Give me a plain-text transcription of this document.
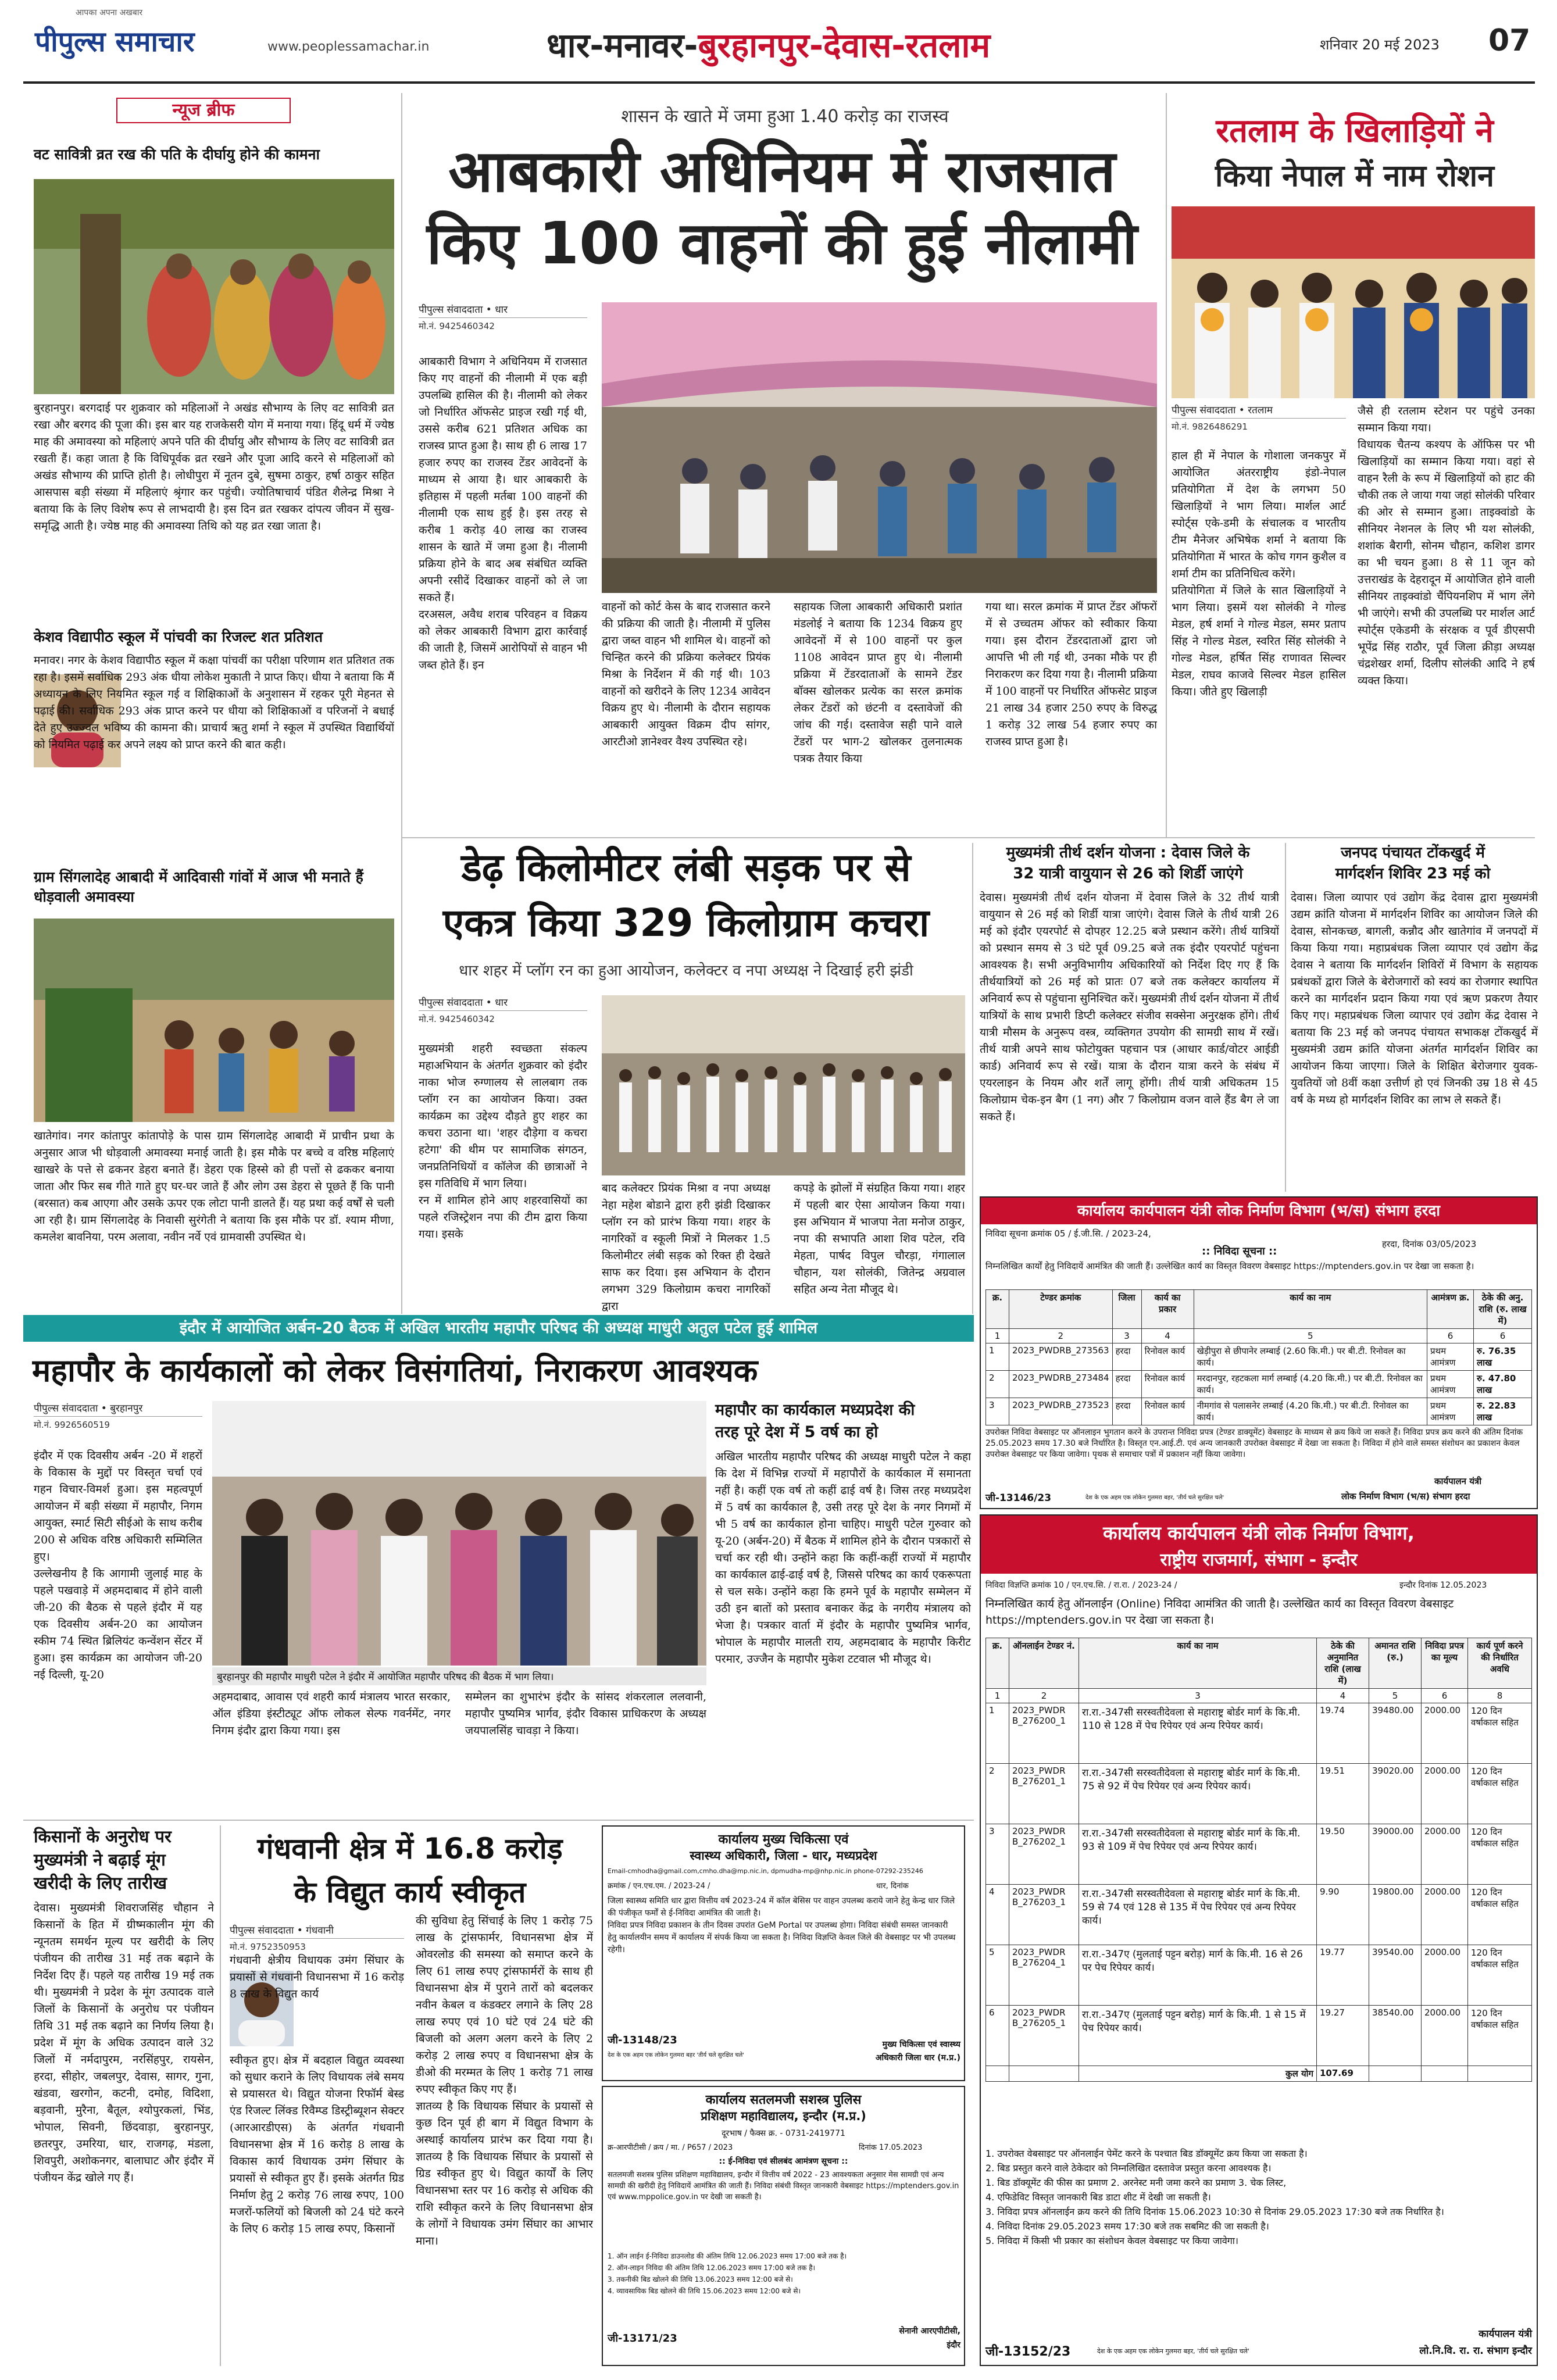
पीपुल्स समाचार
आपका अपना अखबार
www.peoplessamachar.in	धार-मनावर-बुरहानपुर-देवास-रतलाम	शनिवार 20 मई 2023 07
न्यूज ब्रीफ
वट सावित्री व्रत रख की पति के दीर्घायु होने की कामना
बुरहानपुर। बरगदाई पर शुक्रवार को महिलाओं ने अखंड सौभाग्य के लिए वट सावित्री व्रत रखा और बरगद की पूजा की। इस बार यह राजकेसरी योग में मनाया गया। हिंदू धर्म में ज्येष्ठ माह की अमावस्या को महिलाएं अपने पति की दीर्घायु और सौभाग्य के लिए वट सावित्री व्रत रखती हैं। कहा जाता है कि विधिपूर्वक व्रत रखने और पूजा आदि करने से महिलाओं को अखंड सौभाग्य की प्राप्ति होती है। लोधीपुरा में नूतन दुबे, सुषमा ठाकुर, हर्षा ठाकुर सहित आसपास बड़ी संख्या में महिलाएं श्रृंगार कर पहुंची। ज्योतिषाचार्य पंडित शैलेन्द्र मिश्रा ने बताया कि के लिए विशेष रूप से लाभदायी है। इस दिन व्रत रखकर दांपत्य जीवन में सुख-समृद्धि आती है। ज्येष्ठ माह की अमावस्या तिथि को यह व्रत रखा जाता है।
केशव विद्यापीठ स्कूल में पांचवी का रिजल्ट शत प्रतिशत
मनावर। नगर के केशव विद्यापीठ स्कूल में कक्षा पांचवीं का परीक्षा परिणाम शत प्रतिशत तक रहा है। इसमें सर्वाधिक 293 अंक धीया लोकेश मुकाती ने प्राप्त किए। धीया ने बताया कि मैं अध्यायन के लिए नियमित स्कूल गई व शिक्षिकाओं के अनुशासन में रहकर पूरी मेहनत से पढ़ाई की। सर्वाधिक 293 अंक प्राप्त करने पर धीया को शिक्षिकाओं व परिजनों ने बधाई देते हुए उज्ज्वल भविष्य की कामना की। प्राचार्य ऋतु शर्मा ने स्कूल में उपस्थित विद्यार्थियों को नियमित पढ़ाई कर अपने लक्ष्य को प्राप्त करने की बात कही।
ग्राम सिंगलादेह आबादी में आदिवासी गांवों में आज भी मनाते हैं धोड़वाली अमावस्या
खातेगांव। नगर कांतापुर कांतापोड़े के पास ग्राम सिंगलादेह आबादी में प्राचीन प्रथा के अनुसार आज भी धोड़वाली अमावस्या मनाई जाती है। इस मौके पर बच्चे व वरिष्ठ महिलाएं खाखरे के पत्ते से ढकनर डेहरा बनाते हैं। डेहरा एक हिस्से को ही पत्तों से ढककर बनाया जाता और फिर सब गीते गाते हुए घर-घर जाते हैं और लोग उस डेहरा से पूछते हैं कि पानी (बरसात) कब आएगा और उसके ऊपर एक लोटा पानी डालते हैं। यह प्रथा कई वर्षों से चली आ रही है। ग्राम सिंगलादेह के निवासी सुरंगेती ने बताया कि इस मौके पर डॉ. श्याम मीणा, कमलेश बावनिया, परम अलावा, नवीन नर्वे एवं ग्रामवासी उपस्थित थे।
शासन के खाते में जमा हुआ 1.40 करोड़ का राजस्व
आबकारी अधिनियम में राजसात
किए 100 वाहनों की हुई नीलामी
पीपुल्स संवाददाता • धार
मो.नं. 9425460342
आबकारी विभाग ने अधिनियम में राजसात किए गए वाहनों की नीलामी में एक बड़ी उपलब्धि हासिल की है। नीलामी को लेकर जो निर्धारित ऑफसेट प्राइज रखी गई थी, उससे करीब 621 प्रतिशत अधिक का राजस्व प्राप्त हुआ है। साथ ही 6 लाख 17 हजार रुपए का राजस्व टेंडर आवेदनों के माध्यम से आया है। धार आबकारी के इतिहास में पहली मर्तबा 100 वाहनों की नीलामी एक साथ हुई है। इस तरह से करीब 1 करोड़ 40 लाख का राजस्व शासन के खाते में जमा हुआ है। नीलामी प्रक्रिया होने के बाद अब संबंधित व्यक्ति अपनी रसीदें दिखाकर वाहनों को ले जा सकते हैं।
दरअसल, अवैध शराब परिवहन व विक्रय को लेकर आबकारी विभाग द्वारा कार्रवाई की जाती है, जिसमें आरोपियों से वाहन भी जब्त होते हैं। इन
वाहनों को कोर्ट केस के बाद राजसात करने की प्रक्रिया की जाती है। नीलामी में पुलिस द्वारा जब्त वाहन भी शामिल थे। वाहनों को चिन्हित करने की प्रक्रिया कलेक्टर प्रियंक मिश्रा के निर्देशन में की गई थी। 103 वाहनों को खरीदने के लिए 1234 आवेदन विक्रय हुए थे। नीलामी के दौरान सहायक आबकारी आयुक्त विक्रम दीप सांगर, आरटीओ ज्ञानेश्वर वैश्य उपस्थित रहे।
सहायक जिला आबकारी अधिकारी प्रशांत मंडलोई ने बताया कि 1234 विक्रय हुए आवेदनों में से 100 वाहनों पर कुल 1108 आवेदन प्राप्त हुए थे। नीलामी प्रक्रिया में टेंडरदाताओं के सामने टेंडर बॉक्स खोलकर प्रत्येक का सरल क्रमांक लेकर टेंडरों को छंटनी व दस्तावेजों की जांच की गई। दस्तावेज सही पाने वाले टेंडरों पर भाग-2 खोलकर तुलनात्मक पत्रक तैयार किया
गया था। सरल क्रमांक में प्राप्त टेंडर ऑफरों में से उच्चतम ऑफर को स्वीकार किया गया। इस दौरान टेंडरदाताओं द्वारा जो आपत्ति भी ली गई थी, उनका मौके पर ही निराकरण कर दिया गया है। नीलामी प्रक्रिया में 100 वाहनों पर निर्धारित ऑफसेट प्राइज 21 लाख 34 हजार 250 रुपए के विरुद्ध 1 करोड़ 32 लाख 54 हजार रुपए का राजस्व प्राप्त हुआ है।
रतलाम के खिलाड़ियों ने
किया नेपाल में नाम रोशन
पीपुल्स संवाददाता • रतलाम
मो.नं. 9826486291
हाल ही में नेपाल के गोशाला जनकपुर में आयोजित अंतरराष्ट्रीय इंडो-नेपाल प्रतियोगिता में देश के लगभग 50 खिलाड़ियों ने भाग लिया। मार्शल आर्ट स्पोर्ट्स एके-डमी के संचालक व भारतीय टीम मैनेजर अभिषेक शर्मा ने बताया कि प्रतियोगिता में भारत के कोच गगन कुशैल व शर्मा टीम का प्रतिनिधित्व करेंगे।
प्रतियोगिता में जिले के सात खिलाड़ियों ने भाग लिया। इसमें यश सोलंकी ने गोल्ड मेडल, हर्ष शर्मा ने गोल्ड मेडल, समर प्रताप सिंह ने गोल्ड मेडल, स्वरित सिंह सोलंकी ने गोल्ड मेडल, हर्षित सिंह राणावत सिल्वर मेडल, राघव काजवे सिल्वर मेडल हासिल किया। जीते हुए खिलाड़ी
जैसे ही रतलाम स्टेशन पर पहुंचे उनका सम्मान किया गया।
विधायक चैतन्य कश्यप के ऑफिस पर भी खिलाड़ियों का सम्मान किया गया। वहां से वाहन रैली के रूप में खिलाड़ियों को हाट की चौकी तक ले जाया गया जहां सोलंकी परिवार की ओर से सम्मान हुआ। ताइक्वांडो के सीनियर नेशनल के लिए भी यश सोलंकी, शशांक बैरागी, सोनम चौहान, कशिश डागर का भी चयन हुआ। 8 से 11 जून को उत्तराखंड के देहरादून में आयोजित होने वाली सीनियर ताइक्वांडो चैंपियनशिप में भाग लेंगे भी जाएंगे। सभी की उपलब्धि पर मार्शल आर्ट स्पोर्ट्स एकेडमी के संरक्षक व पूर्व डीएसपी भूपेंद्र सिंह राठौर, पूर्व जिला क्रीड़ा अध्यक्ष चंद्रशेखर शर्मा, दिलीप सोलंकी आदि ने हर्ष व्यक्त किया।
डेढ़ किलोमीटर लंबी सड़क पर से
एकत्र किया 329 किलोग्राम कचरा
धार शहर में प्लॉग रन का हुआ आयोजन, कलेक्टर व नपा अध्यक्ष ने दिखाई हरी झंडी
पीपुल्स संवाददाता • धार
मो.नं. 9425460342
मुख्यमंत्री शहरी स्वच्छता संकल्प महाअभियान के अंतर्गत शुक्रवार को इंदौर नाका भोज रुग्णालय से लालबाग तक प्लॉग रन का आयोजन किया। उक्त कार्यक्रम का उद्देश्य दौड़ते हुए शहर का कचरा उठाना था। 'शहर दौड़ेगा व कचरा हटेगा' की थीम पर सामाजिक संगठन, जनप्रतिनिधियों व कॉलेज की छात्राओं ने इस गतिविधि में भाग लिया।
रन में शामिल होने आए शहरवासियों का पहले रजिस्ट्रेशन नपा की टीम द्वारा किया गया। इसके
बाद कलेक्टर प्रियंक मिश्रा व नपा अध्यक्ष नेहा महेश बोडाने द्वारा हरी झंडी दिखाकर प्लॉग रन को प्रारंभ किया गया। शहर के नागरिकों व स्कूली मित्रों ने मिलकर 1.5 किलोमीटर लंबी सड़क को रिक्त ही देखते साफ कर दिया। इस अभियान के दौरान लगभग 329 किलोग्राम कचरा नागरिकों द्वारा
कपड़े के झोलों में संग्रहित किया गया। शहर में पहली बार ऐसा आयोजन किया गया। इस अभियान में भाजपा नेता मनोज ठाकुर, नपा की सभापति आशा शिव पटेल, रवि मेहता, पार्षद विपुल चौरड़ा, गंगालाल चौहान, यश सोलंकी, जितेन्द्र अग्रवाल सहित अन्य नेता मौजूद थे।
मुख्यमंत्री तीर्थ दर्शन योजना : देवास जिले के
32 यात्री वायुयान से 26 को शिर्डी जाएंगे
देवास। मुख्यमंत्री तीर्थ दर्शन योजना में देवास जिले के 32 तीर्थ यात्री वायुयान से 26 मई को शिर्डी यात्रा जाएंगे। देवास जिले के तीर्थ यात्री 26 मई को इंदौर एयरपोर्ट से दोपहर 12.25 बजे प्रस्थान करेंगे। तीर्थ यात्रियों को प्रस्थान समय से 3 घंटे पूर्व 09.25 बजे तक इंदौर एयरपोर्ट पहुंचना आवश्यक है। सभी अनुविभागीय अधिकारियों को निर्देश दिए गए हैं कि तीर्थयात्रियों को 26 मई को प्रातः 07 बजे तक कलेक्टर कार्यालय में अनिवार्य रूप से पहुंचाना सुनिश्चित करें। मुख्यमंत्री तीर्थ दर्शन योजना में तीर्थ यात्रियों के साथ प्रभारी डिप्टी कलेक्टर संजीव सक्सेना अनुरक्षक होंगे। तीर्थ यात्री मौसम के अनुरूप वस्त्र, व्यक्तिगत उपयोग की सामग्री साथ में रखें। तीर्थ यात्री अपने साथ फोटोयुक्त पहचान पत्र (आधार कार्ड/वोटर आईडी कार्ड) अनिवार्य रूप से रखें। यात्रा के दौरान यात्रा करने के संबंध में एयरलाइन के नियम और शर्तें लागू होंगी। तीर्थ यात्री अधिकतम 15 किलोग्राम चेक-इन बैग (1 नग) और 7 किलोग्राम वजन वाले हैंड बैग ले जा सकते हैं।
जनपद पंचायत टोंकखुर्द में
मार्गदर्शन शिविर 23 मई को
देवास। जिला व्यापार एवं उद्योग केंद्र देवास द्वारा मुख्यमंत्री उद्यम क्रांति योजना में मार्गदर्शन शिविर का आयोजन जिले की देवास, सोनकच्छ, बागली, कन्नौद और खातेगांव में जनपदों में किया किया गया। महाप्रबंधक जिला व्यापार एवं उद्योग केंद्र देवास ने बताया कि मार्गदर्शन शिविरों में विभाग के सहायक प्रबंधकों द्वारा जिले के बेरोजगारों को स्वयं का रोजगार स्थापित करने का मार्गदर्शन प्रदान किया गया एवं ऋण प्रकरण तैयार किए गए। महाप्रबंधक जिला व्यापार एवं उद्योग केंद्र देवास ने बताया कि 23 मई को जनपद पंचायत सभाकक्ष टोंकखुर्द में मुख्यमंत्री उद्यम क्रांति योजना अंतर्गत मार्गदर्शन शिविर का आयोजन किया जाएगा। जिले के शिक्षित बेरोजगार युवक-युवतियों जो 8वीं कक्षा उत्तीर्ण हो एवं जिनकी उम्र 18 से 45 वर्ष के मध्य हो मार्गदर्शन शिविर का लाभ ले सकते हैं।
कार्यालय कार्यपालन यंत्री लोक निर्माण विभाग (भ/स) संभाग हरदा
निविदा सूचना क्रमांक 05 / ई.जी.सि. / 2023-24,
हरदा, दिनांक 03/05/2023
:: निविदा सूचना ::
निम्नलिखित कार्यों हेतु निविदायें आमंत्रित की जाती हैं। उल्लेखित कार्य का विस्तृत विवरण वेबसाइट https://mptenders.gov.in पर देखा जा सकता है।
क्र.	टेण्डर क्रमांक	जिला	कार्य का प्रकार	कार्य का नाम	आमंत्रण क्र.	ठेके की अनु. राशि (रु. लाख में)
1	2	3	4	5	6	6
1	2023_PWDRB_273563	हरदा	रिनोवल कार्य	खेड़ीपुरा से छीपानेर लम्बाई (2.60 कि.मी.) पर बी.टी. रिनोवल का कार्य।	प्रथम आमंत्रण	रु. 76.35 लाख
2	2023_PWDRB_273484	हरदा	रिनोवल कार्य	मरदानपुर, रहटकला मार्ग लम्बाई (4.20 कि.मी.) पर बी.टी. रिनोवल का कार्य।	प्रथम आमंत्रण	रु. 47.80 लाख
3	2023_PWDRB_273523	हरदा	रिनोवल कार्य	नीमगांव से पलासनेर लम्बाई (4.20 कि.मी.) पर बी.टी. रिनोवल का कार्य।	प्रथम आमंत्रण	रु. 22.83 लाख
उपरोक्त निविदा वेबसाइट पर ऑनलाइन भुगतान करने के उपरान्त निविदा प्रपत्र (टेण्डर डाक्यूमेंट) वेबसाइट के माध्यम से क्रय किये जा सकते हैं। निविदा प्रपत्र क्रय करने की अंतिम दिनांक 25.05.2023 समय 17.30 बजे निर्धारित है। विस्तृत एन.आई.टी. एवं अन्य जानकारी उपरोक्त वेबसाइट में देखा जा सकता है। निविदा में होने वाले समस्त संशोधन का प्रकाशन केवल उपरोक्त वेबसाइट पर किया जावेगा। पृथक से समाचार पत्रों में प्रकाशन नहीं किया जावेगा।
कार्यपालन यंत्री
लोक निर्माण विभाग (भ/स) संभाग हरदा
जी-13146/23	देश के एक अहम एक लोकेन गुलमरा बहर, 'तीर्य चले सुरक्षित चले'
इंदौर में आयोजित अर्बन-20 बैठक में अखिल भारतीय महापौर परिषद की अध्यक्ष माधुरी अतुल पटेल हुई शामिल
महापौर के कार्यकालों को लेकर विसंगतियां, निराकरण आवश्यक
पीपुल्स संवाददाता • बुरहानपुर
मो.नं. 9926560519
इंदौर में एक दिवसीय अर्बन -20 में शहरों के विकास के मुद्दों पर विस्तृत चर्चा एवं गहन विचार-विमर्श हुआ। इस महत्वपूर्ण आयोजन में बड़ी संख्या में महापौर, निगम आयुक्त, स्मार्ट सिटी सीईओ के साथ करीब 200 से अधिक वरिष्ठ अधिकारी सम्मिलित हुए।
उल्लेखनीय है कि आगामी जुलाई माह के पहले पखवाड़े में अहमदाबाद में होने वाली जी-20 की बैठक से पहले इंदौर में यह एक दिवसीय अर्बन-20 का आयोजन स्कीम 74 स्थित ब्रिलियंट कन्वेंशन सेंटर में हुआ। इस कार्यक्रम का आयोजन जी-20 नई दिल्ली, यू-20	बुरहानपुर की महापौर माधुरी पटेल ने इंदौर में आयोजित महापौर परिषद की बैठक में भाग लिया।
अहमदाबाद, आवास एवं शहरी कार्य मंत्रालय भारत सरकार, ऑल इंडिया इंस्टीट्यूट ऑफ लोकल सेल्फ गवर्नमेंट, नगर निगम इंदौर द्वारा किया गया। इस
सम्मेलन का शुभारंभ इंदौर के सांसद शंकरलाल ललवानी, महापौर पुष्यमित्र भार्गव, इंदौर विकास प्राधिकरण के अध्यक्ष जयपालसिंह चावड़ा ने किया।
महापौर का कार्यकाल मध्यप्रदेश की
तरह पूरे देश में 5 वर्ष का हो
अखिल भारतीय महापौर परिषद की अध्यक्ष माधुरी पटेल ने कहा कि देश में विभिन्न राज्यों में महापौरों के कार्यकाल में समानता नहीं है। कहीं एक वर्ष तो कहीं ढाई वर्ष है। जिस तरह मध्यप्रदेश में 5 वर्ष का कार्यकाल है, उसी तरह पूरे देश के नगर निगमों में भी 5 वर्ष का कार्यकाल होना चाहिए। माधुरी पटेल गुरुवार को यू-20 (अर्बन-20) में बैठक में शामिल होने के दौरान पत्रकारों से चर्चा कर रही थी। उन्होंने कहा कि कहीं-कहीं राज्यों में महापौर का कार्यकाल ढाई-ढाई वर्ष है, जिससे परिषद का कार्य एकरूपता से चल सके। उन्होंने कहा कि हमने पूर्व के महापौर सम्मेलन में उठी इन बातों को प्रस्ताव बनाकर केंद्र के नगरीय मंत्रालय को भेजा है। पत्रकार वार्ता में इंदौर के महापौर पुष्यमित्र भार्गव, भोपाल के महापौर मालती राय, अहमदाबाद के महापौर किरीट परमार, उज्जैन के महापौर मुकेश टटवाल भी मौजूद थे।
किसानों के अनुरोध पर
मुख्यमंत्री ने बढ़ाई मूंग
खरीदी के लिए तारीख
देवास। मुख्यमंत्री शिवराजसिंह चौहान ने किसानों के हित में ग्रीष्मकालीन मूंग की न्यूनतम समर्थन मूल्य पर खरीदी के लिए पंजीयन की तारीख 31 मई तक बढ़ाने के निर्देश दिए हैं। पहले यह तारीख 19 मई तक थी। मुख्यमंत्री ने प्रदेश के मूंग उत्पादक वाले जिलों के किसानों के अनुरोध पर पंजीयन तिथि 31 मई तक बढ़ाने का निर्णय लिया है। प्रदेश में मूंग के अधिक उत्पादन वाले 32 जिलों में नर्मदापुरम, नरसिंहपुर, रायसेन, हरदा, सीहोर, जबलपुर, देवास, सागर, गुना, खंडवा, खरगोन, कटनी, दमोह, विदिशा, बड़वानी, मुरैना, बैतूल, श्योपुरकलां, भिंड, भोपाल, सिवनी, छिंदवाड़ा, बुरहानपुर, छतरपुर, उमरिया, धार, राजगढ़, मंडला, शिवपुरी, अशोकनगर, बालाघाट और इंदौर में पंजीयन केंद्र खोले गए हैं।
गंधवानी क्षेत्र में 16.8 करोड़
के विद्युत कार्य स्वीकृत
पीपुल्स संवाददाता • गंधवानी
मो.नं. 9752350953
गंधवानी क्षेत्रीय विधायक उमंग सिंघार के प्रयासों से गंधवानी विधानसभा में 16 करोड़ 8 लाख के विद्युत कार्य
स्वीकृत हुए। क्षेत्र में बदहाल विद्युत व्यवस्था को सुधार कराने के लिए विधायक लंबे समय से प्रयासरत थे। विद्युत योजना रिफॉर्म बेस्ड एंड रिजल्ट लिंक्ड रिवैम्प्ड डिस्ट्रीब्यूशन सेक्टर (आरआरडीएस) के अंतर्गत गंधवानी विधानसभा क्षेत्र में 16 करोड़ 8 लाख के विकास कार्य विधायक उमंग सिंघार के प्रयासों से स्वीकृत हुए हैं। इसके अंतर्गत ग्रिड निर्माण हेतु 2 करोड़ 76 लाख रुपए, 100 मजरों-फलियों को बिजली को 24 घंटे करने के लिए 6 करोड़ 15 लाख रुपए, किसानों
की सुविधा हेतु सिंचाई के लिए 1 करोड़ 75 लाख के ट्रांसफार्मर, विधानसभा क्षेत्र में ओवरलोड की समस्या को समाप्त करने के लिए 61 लाख रुपए ट्रांसफार्मरों के साथ ही विधानसभा क्षेत्र में पुराने तारों को बदलकर नवीन केबल व कंडक्टर लगाने के लिए 28 लाख रुपए एवं 10 घंटे एवं 24 घंटे की बिजली को अलग अलग करने के लिए 2 करोड़ 2 लाख रुपए व विधानसभा क्षेत्र के डीओ की मरम्मत के लिए 1 करोड़ 71 लाख रुपए स्वीकृत किए गए हैं।
ज्ञातव्य है कि विधायक सिंघार के प्रयासों से कुछ दिन पूर्व ही बाग में विद्युत विभाग के अस्थाई कार्यालय प्रारंभ कर दिया गया है। ज्ञातव्य है कि विधायक सिंघार के प्रयासों से ग्रिड स्वीकृत हुए थे। विद्युत कार्यों के लिए विधानसभा स्तर पर 16 करोड़ से अधिक की राशि स्वीकृत करने के लिए विधानसभा क्षेत्र के लोगों ने विधायक उमंग सिंघार का आभार माना।
कार्यालय मुख्य चिकित्सा एवं
स्वास्थ्य अधिकारी, जिला - धार, मध्यप्रदेश
Email-cmhodha@gmail.com,cmho.dha@mp.nic.in, dpmudha-mp@nhp.nic.in phone-07292-235246
क्रमांक / एन.एच.एम. / 2023-24 /	धार, दिनांक
जिला स्वास्थ्य समिति धार द्वारा वित्तीय वर्ष 2023-24 में कॉल बेसिस पर वाहन उपलब्ध कराये जाने हेतु केन्द्र धार जिले की पंजीकृत फर्मों से ई-निविदा आमंत्रित की जाती है।
निविदा प्रपत्र निविदा प्रकाशन के तीन दिवस उपरांत GeM Portal पर उपलब्ध होगा। निविदा संबंधी समस्त जानकारी हेतु कार्यालयीन समय में कार्यालय में संपर्क किया जा सकता है। निविदा विज्ञप्ति केवल जिले की वेबसाइट पर भी उपलब्ध रहेगी।
जी-13148/23
देश के एक अहम एक लोकेन गुलमरा बहर 'तीर्य चले सुरक्षित चले'
मुख्य चिकित्सा एवं स्वास्थ्य
अधिकारी जिला धार (म.प्र.)
कार्यालय सतलमजी सशस्त्र पुलिस
प्रशिक्षण महाविद्यालय, इन्दौर (म.प्र.)
दूरभाष / फैक्स क्र. - 0731-2419771
क्र-आरपीटीसी / क्रय / मा. / P657 / 2023	दिनांक 17.05.2023
:: ई-निविदा एवं सीलबंद आमंत्रण सूचना ::
सतलमजी सशस्त्र पुलिस प्रशिक्षण महाविद्यालय, इन्दौर में वित्तीय वर्ष 2022 - 23 आवश्यकता अनुसार मेस सामग्री एवं अन्य सामग्री की खरीदी हेतु निविदायें आमंत्रित की जाती हैं। निविदा संबंधी विस्तृत जानकारी वेबसाइट https://mptenders.gov.in एवं www.mppolice.gov.in पर देखी जा सकती है।
1. ऑन लाईन ई-निविदा डाउनलोड की अंतिम तिथि 12.06.2023 समय 17:00 बजे तक है।
2. ऑन-लाइन निविदा की अंतिम तिथि 12.06.2023 समय 17:00 बजे तक है।
3. तकनीकी बिड खोलने की तिथि 13.06.2023 समय 12:00 बजे से।
4. व्यावसायिक बिड खोलने की तिथि 15.06.2023 समय 12:00 बजे से।
जी-13171/23
सेनानी आरएपीटीसी,
इंदौर
कार्यालय कार्यपालन यंत्री लोक निर्माण विभाग,
राष्ट्रीय राजमार्ग, संभाग - इन्दौर
निविदा विज्ञप्ति क्रमांक 10 / एन.एच.सि. / रा.रा. / 2023-24 /	इन्दौर दिनांक 12.05.2023
निम्नलिखित कार्य हेतु ऑनलाईन (Online) निविदा आमंत्रित की जाती है। उल्लेखित कार्य का विस्तृत विवरण वेबसाइट https://mptenders.gov.in पर देखा जा सकता है।
क्र.	ऑनलाईन टेण्डर नं.	कार्य का नाम	ठेके की अनुमानित राशि (लाख में)	अमानत राशि (रु.)	निविदा प्रपत्र का मूल्य	कार्य पूर्ण करने की निर्धारित अवधि
1	2	3	4	5	6	8
1	2023_PWDR B_276200_1	रा.रा.-347सी सरस्वतीदेवला से महाराष्ट्र बोर्डर मार्ग के कि.मी. 110 से 128 में पेच रिपेयर एवं अन्य रिपेयर कार्य।	19.74	39480.00	2000.00	120 दिन वर्षाकाल सहित
2	2023_PWDR B_276201_1	रा.रा.-347सी सरस्वतीदेवला से महाराष्ट्र बोर्डर मार्ग के कि.मी. 75 से 92 में पेच रिपेयर एवं अन्य रिपेयर कार्य।	19.51	39020.00	2000.00	120 दिन वर्षाकाल सहित
3	2023_PWDR B_276202_1	रा.रा.-347सी सरस्वतीदेवला से महाराष्ट्र बोर्डर मार्ग के कि.मी. 93 से 109 में पेच रिपेयर एवं अन्य रिपेयर कार्य।	19.50	39000.00	2000.00	120 दिन वर्षाकाल सहित
4	2023_PWDR B_276203_1	रा.रा.-347सी सरस्वतीदेवला से महाराष्ट्र बोर्डर मार्ग के कि.मी. 59 से 74 एवं 128 से 135 में पेच रिपेयर एवं अन्य रिपेयर कार्य।	9.90	19800.00	2000.00	120 दिन वर्षाकाल सहित
5	2023_PWDR B_276204_1	रा.रा.-347ए (मुलताई पट्टन बरोड़) मार्ग के कि.मी. 16 से 26 पर पेच रिपेयर कार्य।	19.77	39540.00	2000.00	120 दिन वर्षाकाल सहित
6	2023_PWDR B_276205_1	रा.रा.-347ए (मुलताई पट्टन बरोड़) मार्ग के कि.मी. 1 से 15 में पेच रिपेयर कार्य।	19.27	38540.00	2000.00	120 दिन वर्षाकाल सहित
		कुल योग	107.69			
1. उपरोक्त वेबसाइट पर ऑनलाईन पेमेंट करने के पश्चात बिड डॉक्यूमेंट क्रय किया जा सकता है।
2. बिड प्रस्तुत करने वाले ठेकेदार को निम्नलिखित दस्तावेज प्रस्तुत करना आवश्यक है।
1. बिड डॉक्यूमेंट की फीस का प्रमाण 2. अरनेस्ट मनी जमा करने का प्रमाण 3. चेक लिस्ट,
4. एफिडेविट विस्तृत जानकारी बिड डाटा शीट में देखी जा सकती है।
3. निविदा प्रपत्र ऑनलाईन क्रय करने की तिथि दिनांक 15.06.2023 10:30 से दिनांक 29.05.2023 17:30 बजे तक निर्धारित है।
4. निविदा दिनांक 29.05.2023 समय 17:30 बजे तक सबमिट की जा सकती है।
5. निविदा में किसी भी प्रकार का संशोधन केवल वेबसाइट पर किया जावेगा।
जी-13152/23	देश के एक अहम एक लोकेन गुलमरा बहर, 'तीर्य चले सुरक्षित चले'
कार्यपालन यंत्री
लो.नि.वि. रा. रा. संभाग इन्दौर
